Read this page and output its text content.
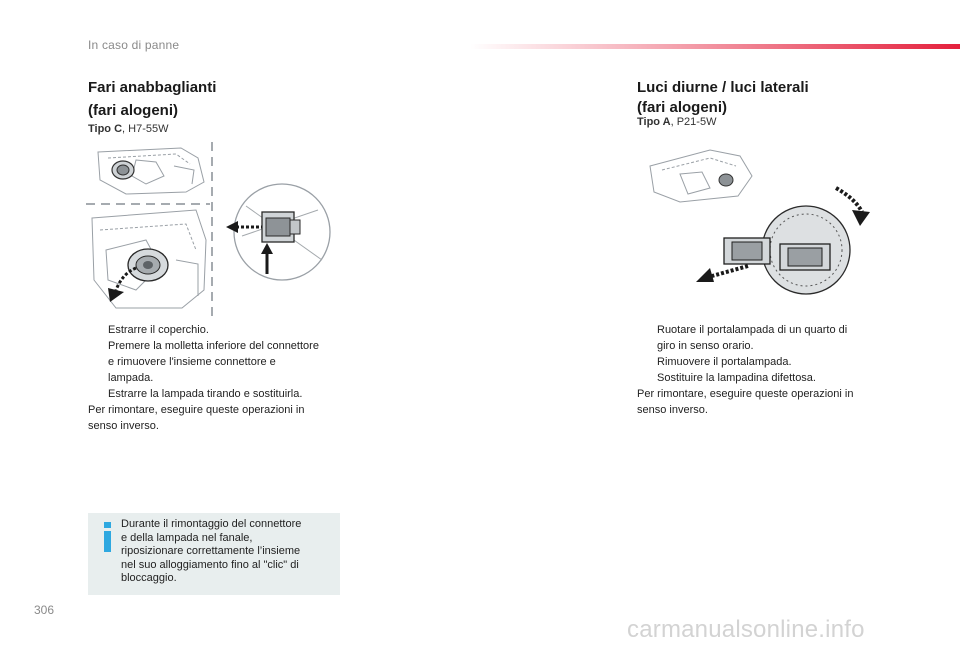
In caso di panne
Fari anabbaglianti
(fari alogeni)
Tipo C, H7-55W
Estrarre il coperchio.
Premere la molletta inferiore del connettore
e rimuovere l'insieme connettore e
lampada.
Estrarre la lampada tirando e sostituirla.
Per rimontare, eseguire queste operazioni in
senso inverso.
Durante il rimontaggio del connettore
e della lampada nel fanale,
riposizionare correttamente l’insieme
nel suo alloggiamento fino al "clic" di
bloccaggio.
Luci diurne / luci laterali
(fari alogeni)
Tipo A, P21-5W
Ruotare il portalampada di un quarto di
giro in senso orario.
Rimuovere il portalampada.
Sostituire la lampadina difettosa.
Per rimontare, eseguire queste operazioni in
senso inverso.
306
carmanualsonline.info
